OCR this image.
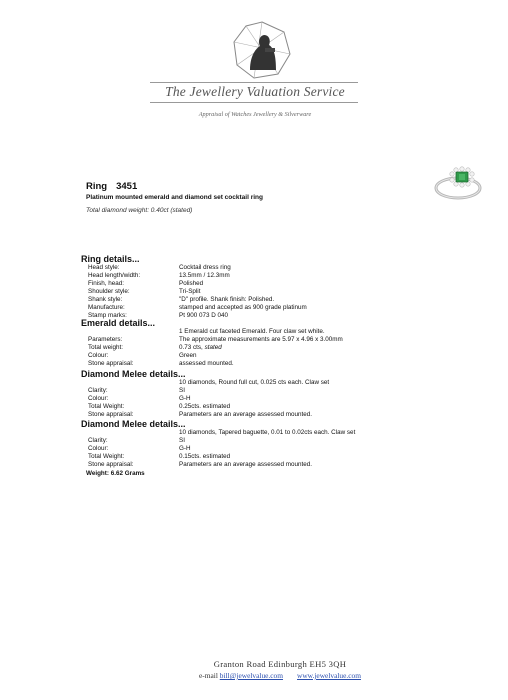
The Jewellery Valuation Service
Appraisal of Watches Jewellery & Silverware
Ring 3451
Platinum mounted emerald and diamond set cocktail ring
Total diamond weight: 0.40ct (stated)
Ring details...
Head style:	Cocktail dress ring
Head length/width:	13.5mm / 12.3mm
Finish, head:	Polished
Shoulder style:	Tri-Split
Shank style:	"D" profile. Shank finish: Polished.
Manufacture:	stamped and accepted as 900 grade platinum
Stamp marks:	Pt 900 073 D 040
Emerald details...
1 Emerald cut faceted Emerald. Four claw set white.
Parameters:	The approximate measurements are 5.97 x 4.96 x 3.00mm
Total weight:	0.73 cts, stated
Colour:	Green
Stone appraisal:	assessed mounted.
Diamond Melee details...
10 diamonds, Round full cut, 0.025 cts each. Claw set
Clarity:	SI
Colour:	G-H
Total Weight:	0.25cts. estimated
Stone appraisal:	Parameters are an average assessed mounted.
Diamond Melee details...
10 diamonds, Tapered baguette, 0.01 to 0.02cts each. Claw set
Clarity:	SI
Colour:	G-H
Total Weight:	0.15cts. estimated
Stone appraisal:	Parameters are an average assessed mounted.
Weight: 6.62 Grams
Granton Road Edinburgh EH5 3QH
e-mail bill@jewelvalue.com www.jewelvalue.com
